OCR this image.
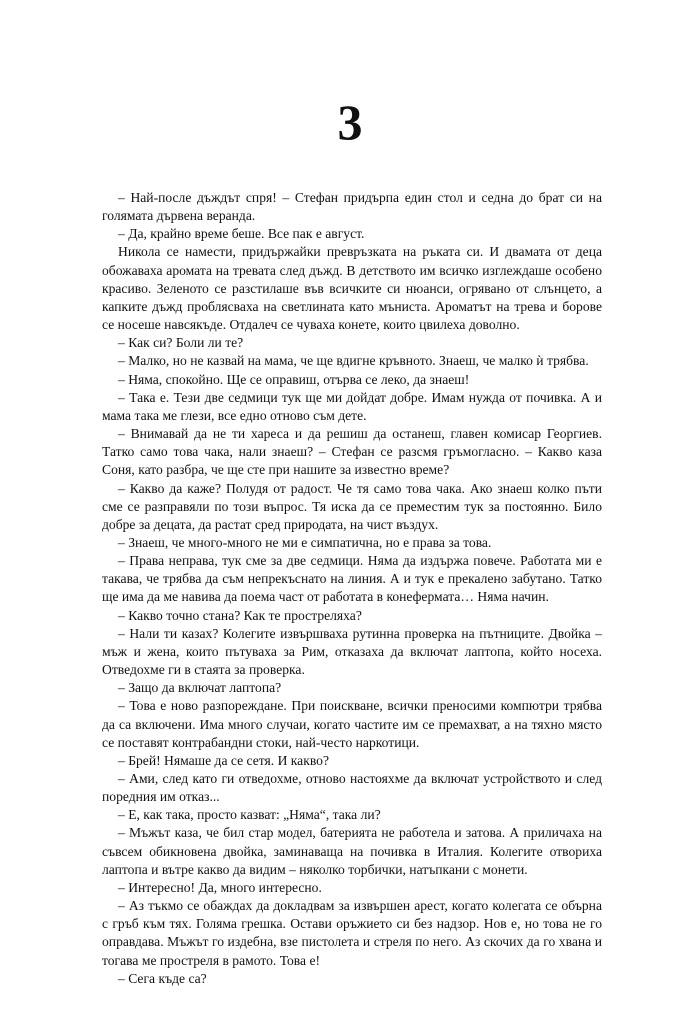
3

– Най-после дъждът спря! – Стефан придърпа един стол и седна до брат си на голямата дървена веранда.

– Да, крайно време беше. Все пак е август.

Никола се намести, придържайки превръзката на ръката си. И двамата от деца обожаваха аромата на тревата след дъжд. В детството им всичко изглеждаше особено красиво. Зеленото се разстилаше във всичките си нюанси, огрявано от слънцето, а капките дъжд проблясваха на светлината като мъниста. Ароматът на трева и борове се носеше навсякъде. Отдалеч се чуваха конете, които цвилеха доволно.

– Как си? Боли ли те?

– Малко, но не казвай на мама, че ще вдигне кръвното. Знаеш, че малко ѝ трябва.

– Няма, спокойно. Ще се оправиш, отърва се леко, да знаеш!

– Така е. Тези две седмици тук ще ми дойдат добре. Имам нужда от почивка. А и мама така ме глези, все едно отново съм дете.

– Внимавай да не ти хареса и да решиш да останеш, главен комисар Георгиев. Татко само това чака, нали знаеш? – Стефан се разсмя гръмогласно. – Какво каза Соня, като разбра, че ще сте при нашите за известно време?

– Какво да каже? Полудя от радост. Че тя само това чака. Ако знаеш колко пъти сме се разправяли по този въпрос. Тя иска да се преместим тук за постоянно. Било добре за децата, да растат сред природата, на чист въздух.

– Знаеш, че много-много не ми е симпатична, но е права за това.

– Права неправа, тук сме за две седмици. Няма да издържа повече. Работата ми е такава, че трябва да съм непрекъснато на линия. А и тук е прекалено забутано. Татко ще има да ме навива да поема част от работата в конефермата… Няма начин.

– Какво точно стана? Как те простреляха?

– Нали ти казах? Колегите извършваха рутинна проверка на пътниците. Двойка – мъж и жена, които пътуваха за Рим, отказаха да включат лаптопа, който носеха. Отведохме ги в стаята за проверка.

– Защо да включат лаптопа?

– Това е ново разпореждане. При поискване, всички преносими компютри трябва да са включени. Има много случаи, когато частите им се премахват, а на тяхно място се поставят контрабандни стоки, най-често наркотици.

– Брей! Нямаше да се сетя. И какво?

– Ами, след като ги отведохме, отново настояхме да включат устройството и след поредния им отказ...

– Е, как така, просто казват: „Няма“, така ли?

– Мъжът каза, че бил стар модел, батерията не работела и затова. А приличаха на съвсем обикновена двойка, заминаваща на почивка в Италия. Колегите отвориха лаптопа и вътре какво да видим – няколко торбички, натъпкани с монети.

– Интересно! Да, много интересно.

– Аз тъкмо се обаждах да докладвам за извършен арест, когато колегата се обърна с гръб към тях. Голяма грешка. Остави оръжието си без надзор. Нов е, но това не го оправдава. Мъжът го издебна, взе пистолета и стреля по него. Аз скочих да го хвана и тогава ме простреля в рамото. Това е!

– Сега къде са?
